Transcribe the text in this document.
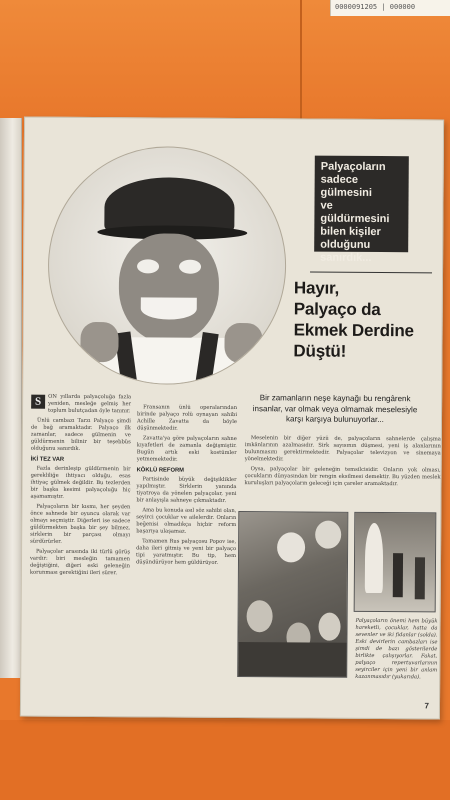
0000091205 | 000000
Palyaçoların
sadece gülmesini
ve güldürmesini
bilen kişiler
olduğunu
sanırdık...
Hayır,
Palyaço da
Ekmek Derdine
Düştü!
Bir zamanların neşe kaynağı bu rengârenk insanlar, var olmak veya olmamak meselesiyle karşı karşıya bulunuyorlar...

S	ON yıllarda palyaçoluğa fazla yeniden, mesleğe gelmiş her toplum bulutçadan öyle tanınır.

Ünlü cambazı Tarzı Palyaço şimdi de bağ aramaktadır. Palyaço ilk zamanlar, sadece gülmenin ve güldürmenin bilinir bir teşebbüs olduğunu sanırdık.

İKİ TEZ VAR

Fazla derinleşip güldürmenin bir gerekliliğe ihtiyacı olduğu, esas ihtiyaç gülmek değildir. Bu tezlerden bir başka kesimi palyaçoluğu hiç aşamamıştır.

Palyaçoların bir kısmı, her şeyden önce sahnede bir oyuncu olarak var olmayı seçmiştir. Diğerleri ise sadece güldürmekten başka bir şey bilmez, sirklerin bir parçası olmayı sürdürürler.

Palyaçolar arasında iki türlü görüş vardır: biri mesleğin tamamen değiştiğini, diğeri eski geleneğin korunması gerektiğini ileri sürer.

Fransanın ünlü operalarından birinde palyaço rolü oynayan sahibi Achille Zavatta da böyle düşünmektedir.

Zavatta'ya göre palyaçoların sahne kıyafetleri de zamanla değişmiştir. Bugün artık eski kostümler yetmemektedir.

KÖKLÜ REFORM

Partisinde büyük değişiklikler yapılmıştır. Sirklerin yanında tiyatroya da yönelen palyaçolar, yeni bir anlayışla sahneye çıkmaktadır.

Ama bu konuda asıl söz sahibi olan, seyirci çocuklar ve ailelerdir. Onların beğenisi olmadıkça hiçbir reform başarıya ulaşamaz.

Tamamen Rus palyaçosu Popov ise, daha ileri gitmiş ve yeni bir palyaço tipi yaratmıştır. Bu tip, hem düşündürüyor hem güldürüyor.

Meselenin bir diğer yüzü de, palyaçoların sahnelerde çalışma imkânlarının azalmasıdır. Sirk sayısının düşmesi, yeni iş alanlarının bulunmasını gerektirmektedir. Palyaçolar televizyon ve sinemaya yönelmektedir.

Oysa, palyaçolar bir geleneğin temsilcisidir. Onların yok olması, çocukların dünyasından bir rengin eksilmesi demektir. Bu yüzden meslek kuruluşları palyaçoların geleceği için çareler aramaktadır.

Palyaçoların önemi hem büyük hareketli, çocuklar, hatta da sevenler ve iki fidanlar (solda). Eski devirlerin cambazları ise şimdi de bazı gösterilerde birlikte çalışıyorlar. Fakat, palyaço repertuvarlarının seyirciler için yeni bir anlam kazanmasıdır (yukarıda).
7
